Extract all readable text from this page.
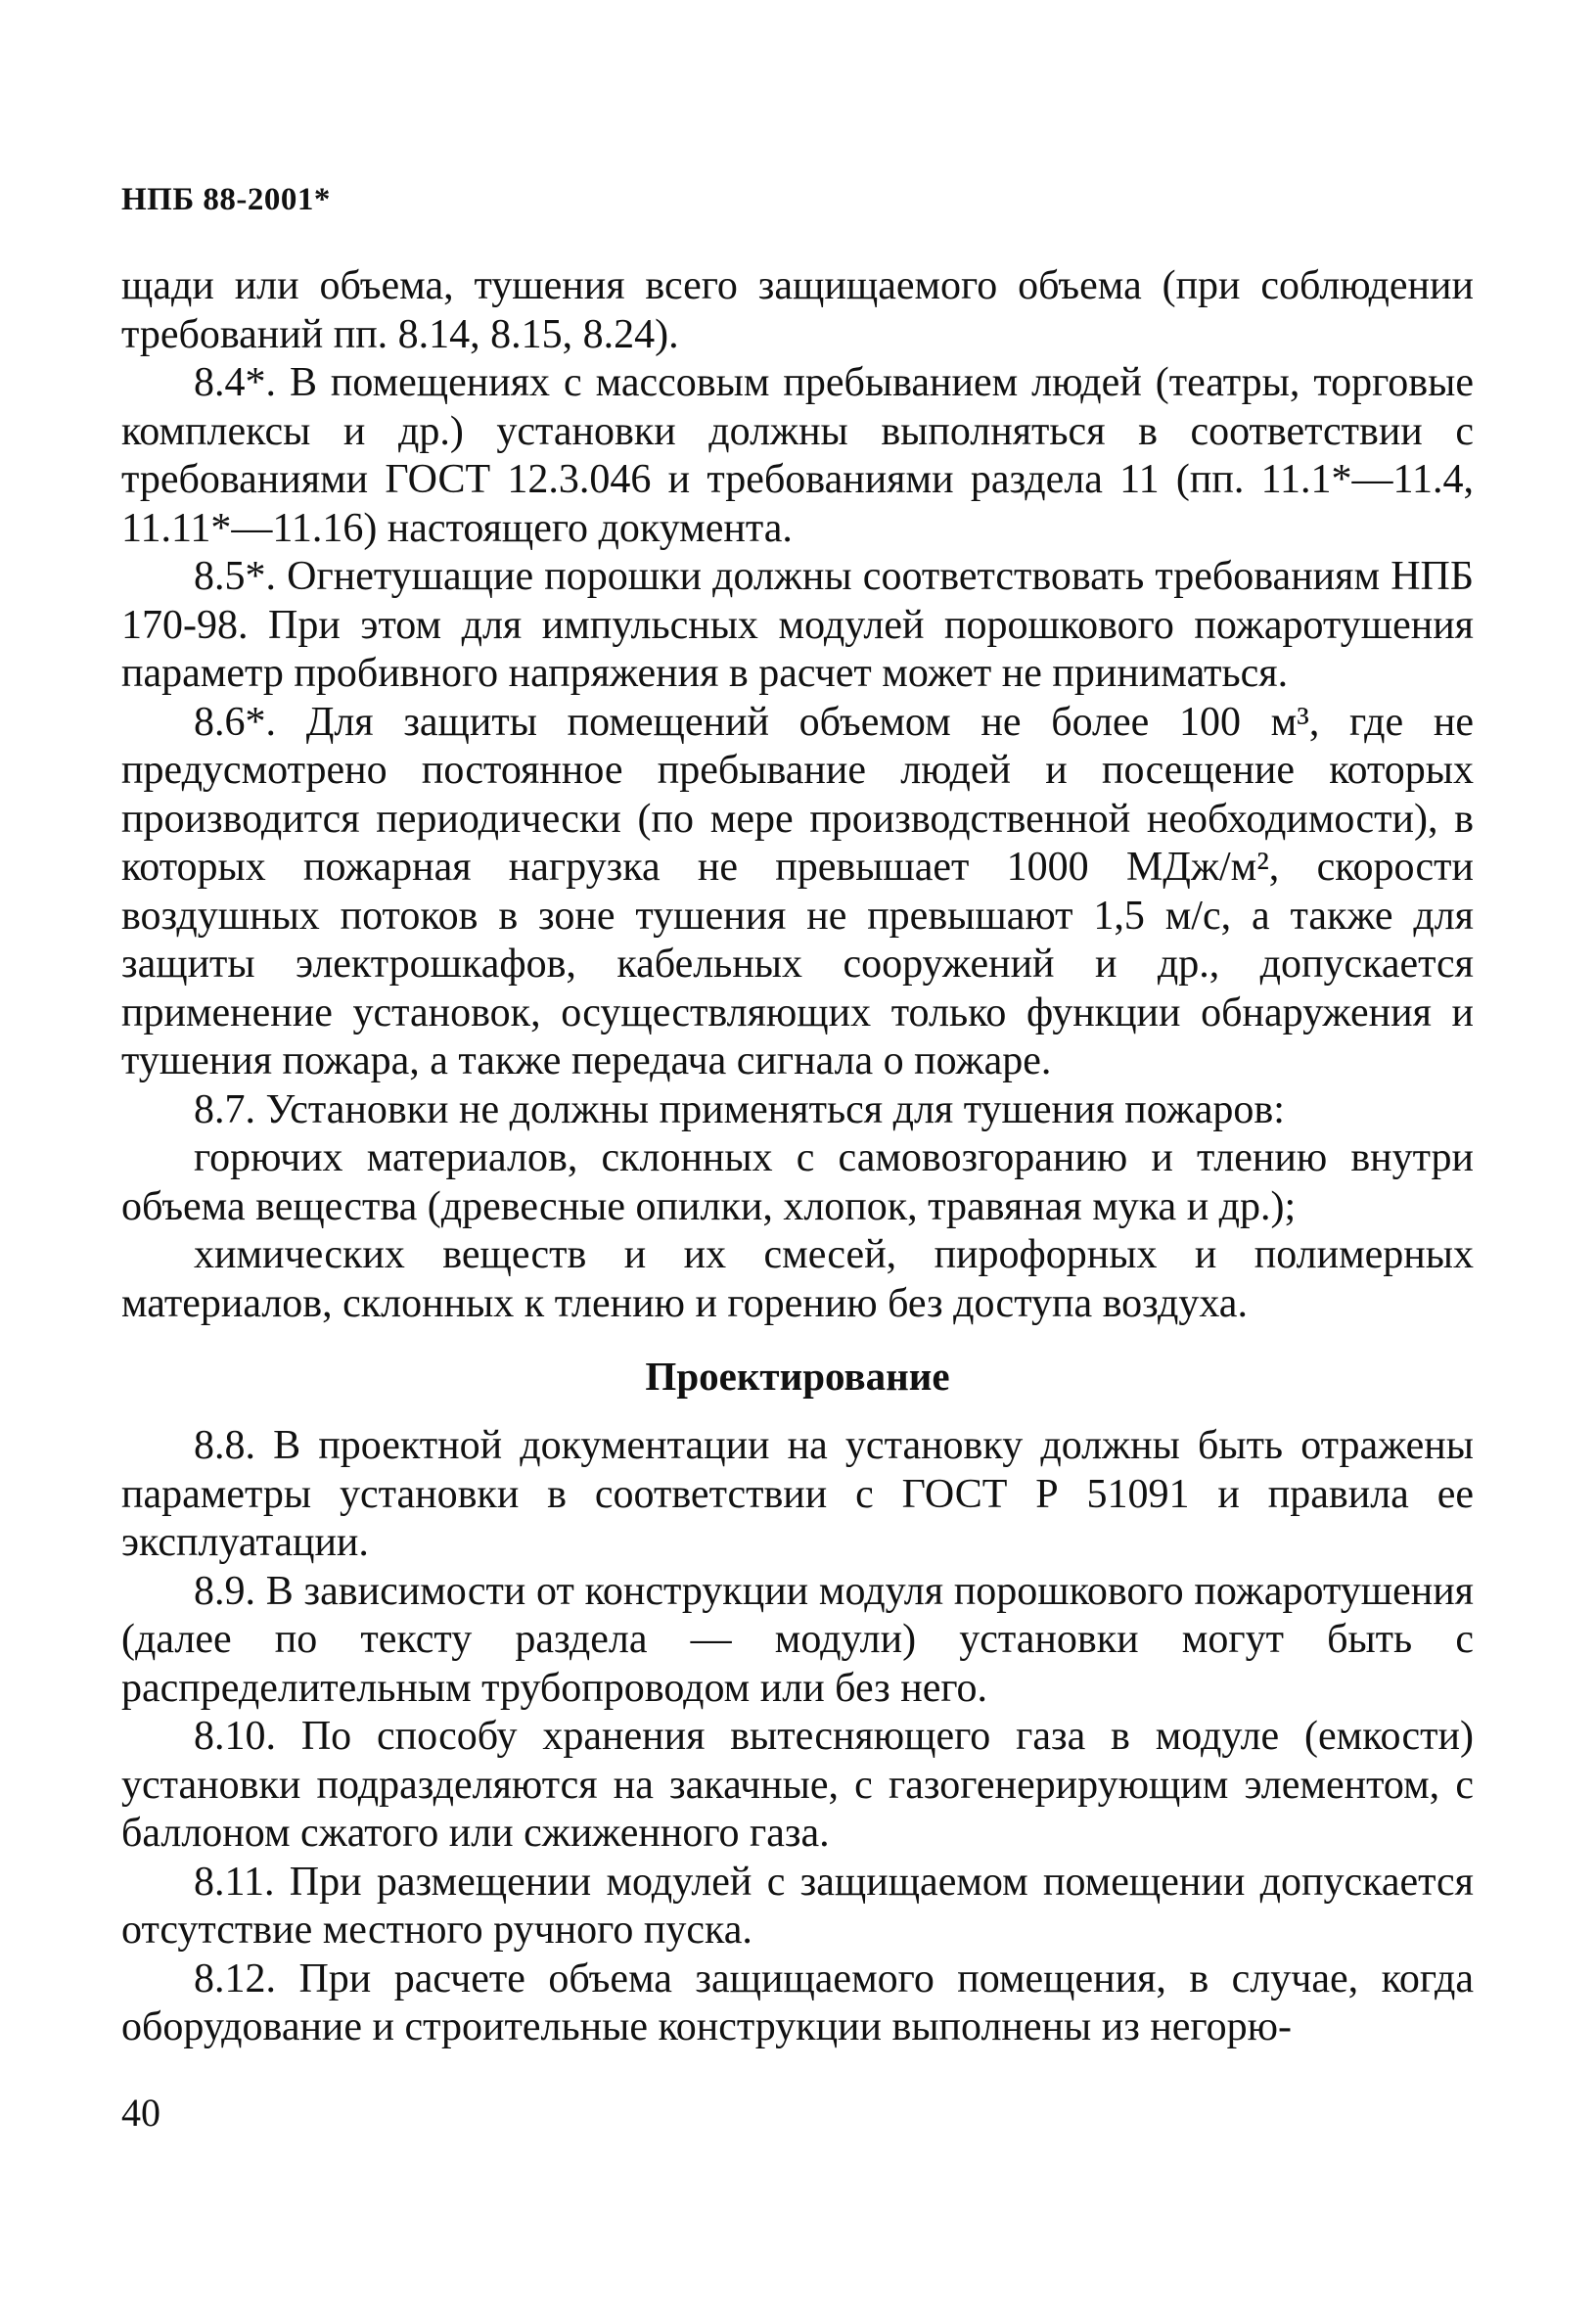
НПБ 88-2001*

щади или объема, тушения всего защищаемого объема (при соблюдении требований пп. 8.14, 8.15, 8.24).

8.4*. В помещениях с массовым пребыванием людей (театры, торговые комплексы и др.) установки должны выполняться в соответствии с требованиями ГОСТ 12.3.046 и требованиями раздела 11 (пп. 11.1*—11.4, 11.11*—11.16) настоящего документа.

8.5*. Огнетушащие порошки должны соответствовать требованиям НПБ 170-98. При этом для импульсных модулей порошкового пожаротушения параметр пробивного напряжения в расчет может не приниматься.

8.6*. Для защиты помещений объемом не более 100 м³, где не предусмотрено постоянное пребывание людей и посещение которых производится периодически (по мере производственной необходимости), в которых пожарная нагрузка не превышает 1000 МДж/м², скорости воздушных потоков в зоне тушения не превышают 1,5 м/с, а также для защиты электрошкафов, кабельных сооружений и др., допускается применение установок, осуществляющих только функции обнаружения и тушения пожара, а также передача сигнала о пожаре.

8.7. Установки не должны применяться для тушения пожаров:

горючих материалов, склонных с самовозгоранию и тлению внутри объема вещества (древесные опилки, хлопок, травяная мука и др.);

химических веществ и их смесей, пирофорных и полимерных материалов, склонных к тлению и горению без доступа воздуха.

Проектирование

8.8. В проектной документации на установку должны быть отражены параметры установки в соответствии с ГОСТ Р 51091 и правила ее эксплуатации.

8.9. В зависимости от конструкции модуля порошкового пожаротушения (далее по тексту раздела — модули) установки могут быть с распределительным трубопроводом или без него.

8.10. По способу хранения вытесняющего газа в модуле (емкости) установки подразделяются на закачные, с газогенерирующим элементом, с баллоном сжатого или сжиженного газа.

8.11. При размещении модулей с защищаемом помещении допускается отсутствие местного ручного пуска.

8.12. При расчете объема защищаемого помещения, в случае, когда оборудование и строительные конструкции выполнены из негорю-

40
